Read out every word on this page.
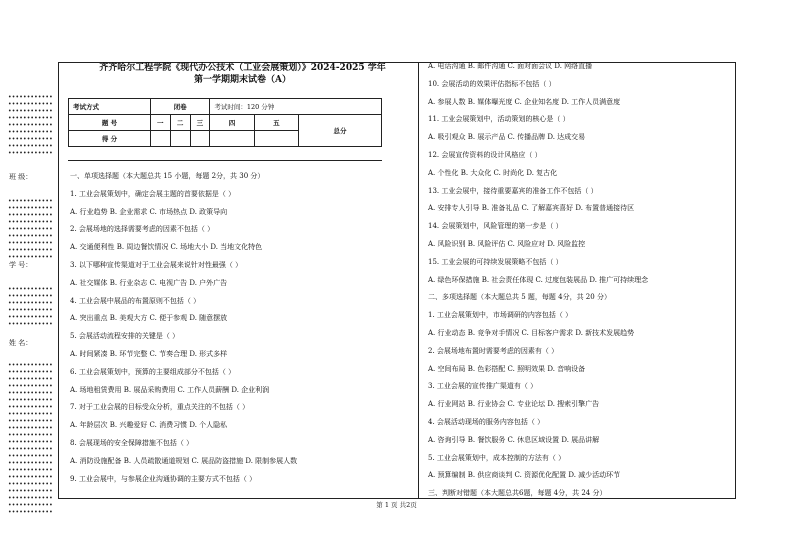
••••••••••••
••••••••••••
••••••••••••
••••••••••••
••••••••••••
••••••••••••
••••••••••••
••••••••••••
••••••••••••
班 级：
••••••••••••
••••••••••••
••••••••••••
••••••••••••
••••••••••••
••••••••••••
••••••••••••
••••••••••••
••••••••••••
学 号：
••••••••••••
••••••••••••
••••••••••••
••••••••••••
••••••••••••
••••••••••••
姓 名：
••••••••••••
••••••••••••
••••••••••••
••••••••••••
••••••••••••
••••••••••••
••••••••••••
••••••••••••
••••••••••••
••••••••••••
••••••••••••
••••••••••••
••••••••••••
••••••••••••
••••••••••••
••••••••••••
••••••••••••
••••••••••••
••••••••••••
••••••••••••
••••••••••••
••••••••••••
齐齐哈尔工程学院《现代办公技术（工业会展策划）》2024-2025 学年
第一学期期末试卷（A）
考试方式	闭卷			考试时间：120 分钟		
题 号	一	二	三	四	五	总分
得 分						
一、单项选择题（本大题总共 15 小题，每题 2分，共 30 分）
1. 工业会展策划中，确定会展主题的首要依据是（ ）
A. 行业趋势 B. 企业需求 C. 市场热点 D. 政策导向
2. 会展场地的选择需要考虑的因素不包括（ ）
A. 交通便利性 B. 周边餐饮情况 C. 场地大小 D. 当地文化特色
3. 以下哪种宣传渠道对于工业会展来说针对性最强（ ）
A. 社交媒体 B. 行业杂志 C. 电视广告 D. 户外广告
4. 工业会展中展品的布置原则不包括（ ）
A. 突出重点 B. 美观大方 C. 便于参观 D. 随意摆放
5. 会展活动流程安排的关键是（ ）
A. 时间紧凑 B. 环节完整 C. 节奏合理 D. 形式多样
6. 工业会展策划中，预算的主要组成部分不包括（ ）
A. 场地租赁费用 B. 展品采购费用 C. 工作人员薪酬 D. 企业利润
7. 对于工业会展的目标受众分析，重点关注的不包括（ ）
A. 年龄层次 B. 兴趣爱好 C. 消费习惯 D. 个人隐私
8. 会展现场的安全保障措施不包括（ ）
A. 消防设施配备 B. 人员疏散通道规划 C. 展品防盗措施 D. 限制参展人数
9. 工业会展中，与参展企业沟通协调的主要方式不包括（ ）
A. 电话沟通 B. 邮件沟通 C. 面对面会议 D. 网络直播
10. 会展活动的效果评估指标不包括（ ）
A. 参展人数 B. 媒体曝光度 C. 企业知名度 D. 工作人员满意度
11. 工业会展策划中，活动策划的核心是（ ）
A. 吸引观众 B. 展示产品 C. 传播品牌 D. 达成交易
12. 会展宣传资料的设计风格应（ ）
A. 个性化 B. 大众化 C. 时尚化 D. 复古化
13. 工业会展中，接待重要嘉宾的准备工作不包括（ ）
A. 安排专人引导 B. 准备礼品 C. 了解嘉宾喜好 D. 布置普通接待区
14. 会展策划中，风险管理的第一步是（ ）
A. 风险识别 B. 风险评估 C. 风险应对 D. 风险监控
15. 工业会展的可持续发展策略不包括（ ）
A. 绿色环保措施 B. 社会责任体现 C. 过度包装展品 D. 推广可持续理念
二、多项选择题（本大题总共 5 题，每题 4分，共 20 分）
1. 工业会展策划中，市场调研的内容包括（ ）
A. 行业动态 B. 竞争对手情况 C. 目标客户需求 D. 新技术发展趋势
2. 会展场地布置时需要考虑的因素有（ ）
A. 空间布局 B. 色彩搭配 C. 照明效果 D. 音响设备
3. 工业会展的宣传推广渠道有（ ）
A. 行业网站 B. 行业协会 C. 专业论坛 D. 搜索引擎广告
4. 会展活动现场的服务内容包括（ ）
A. 咨询引导 B. 餐饮服务 C. 休息区域设置 D. 展品讲解
5. 工业会展策划中，成本控制的方法有（ ）
A. 预算编制 B. 供应商谈判 C. 资源优化配置 D. 减少活动环节
三、判断对错题（本大题总共6题，每题 4分，共 24 分）
第 1 页 共2页
